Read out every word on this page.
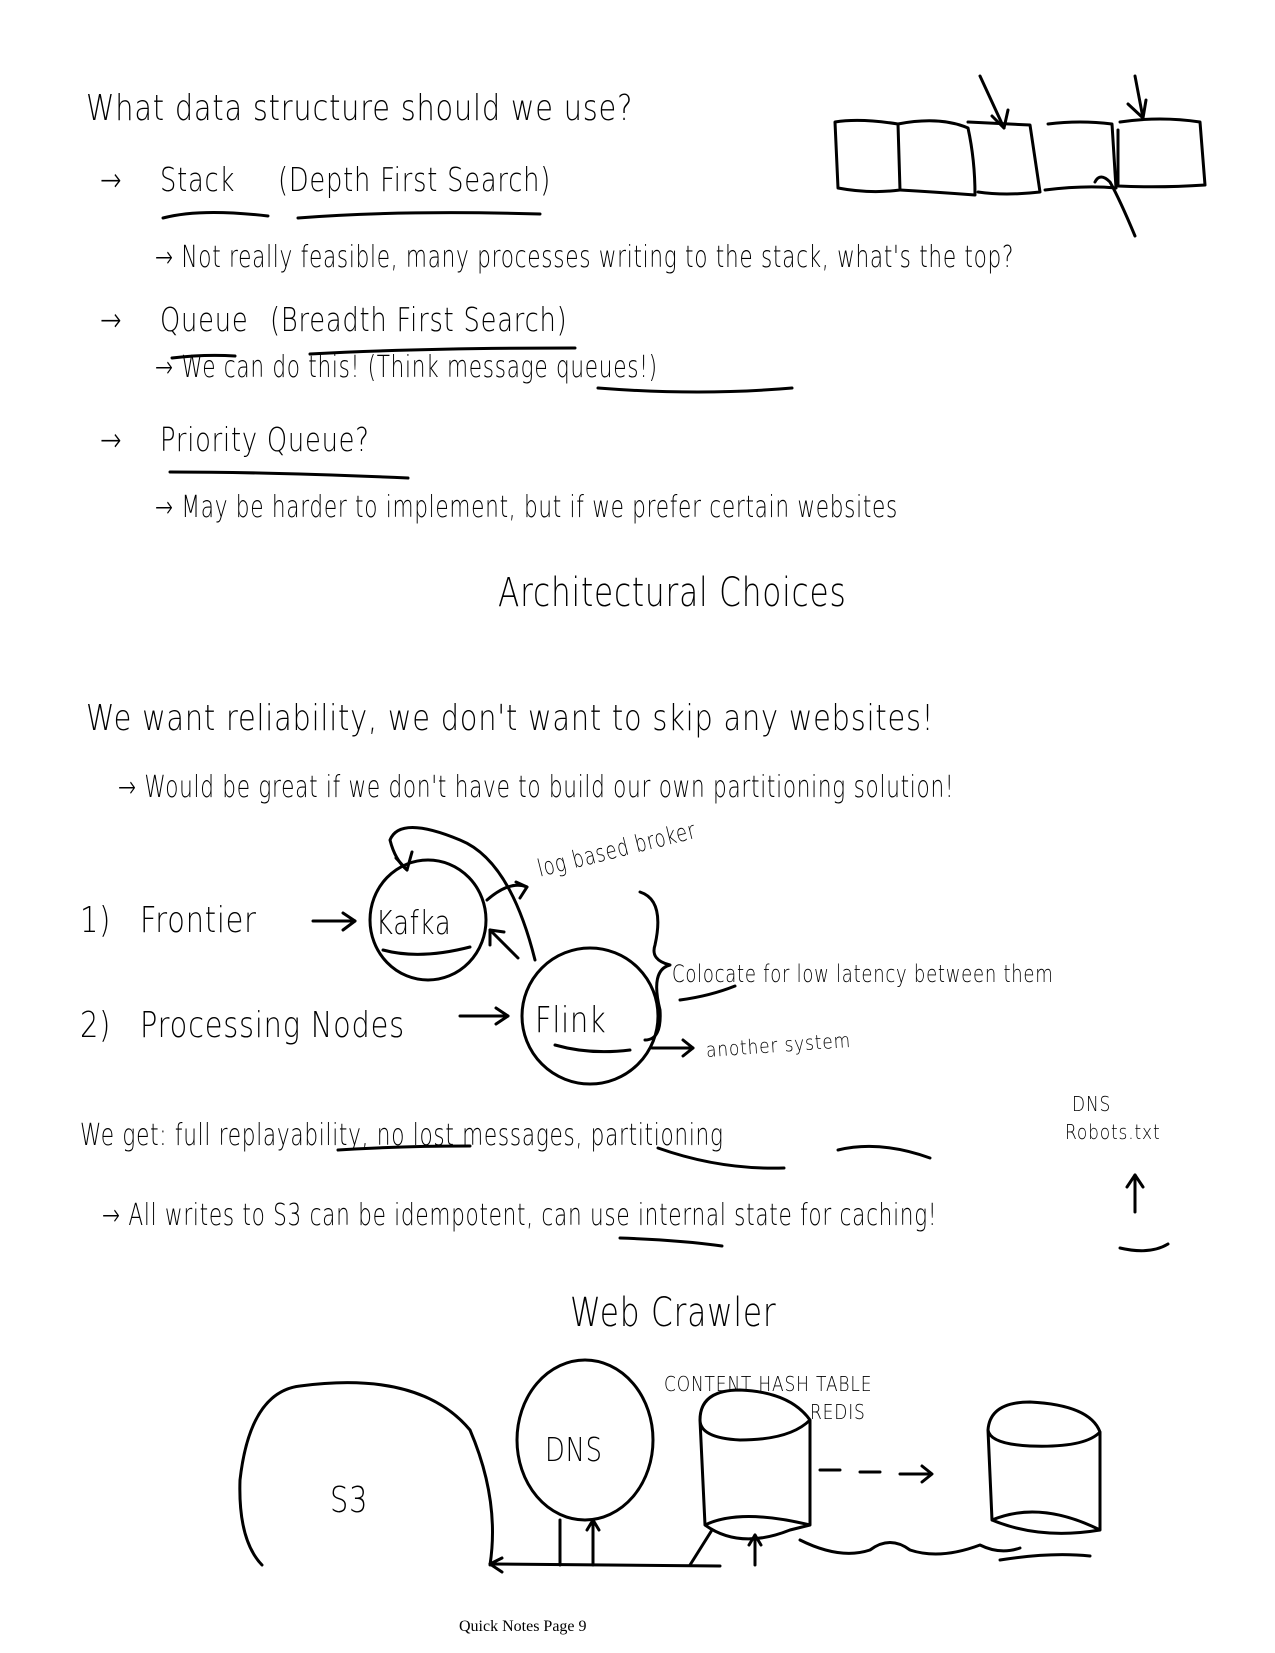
What data structure should we use?
→ Stack (Depth First Search)
→ Not really feasible, many processes writing to the stack, what's the top?
→ Queue (Breadth First Search)
→ We can do this! (Think message queues!)
→ Priority Queue?
→ May be harder to implement, but if we prefer certain websites
Architectural Choices
We want reliability, we don't want to skip any websites!
→ Would be great if we don't have to build our own partitioning solution!
1) Frontier	Kafka
2) Processing Nodes	Flink
log based broker
Colocate for low latency between them
another system
We get: full replayability, no lost messages, partitioning
DNS
Robots.txt
→ All writes to S3 can be idempotent, can use internal state for caching!
Web Crawler
S3
DNS
CONTENT HASH TABLE
REDIS
Quick Notes Page 9
